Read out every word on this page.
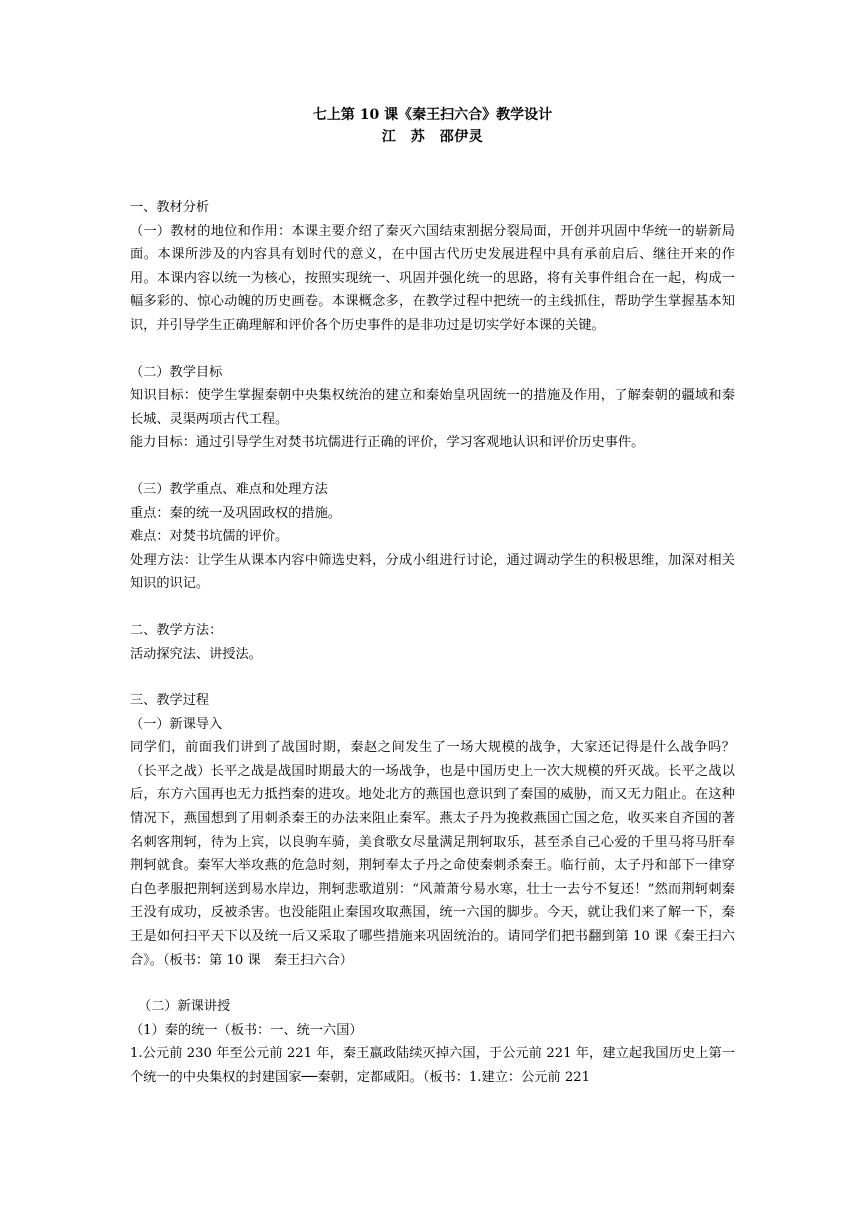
七上第 10 课《秦王扫六合》教学设计

江　苏　邵伊灵

一、教材分析

（一）教材的地位和作用：本课主要介绍了秦灭六国结束割据分裂局面，开创并巩固中华统一的崭新局面。本课所涉及的内容具有划时代的意义，在中国古代历史发展进程中具有承前启后、继往开来的作用。本课内容以统一为核心，按照实现统一、巩固并强化统一的思路，将有关事件组合在一起，构成一幅多彩的、惊心动魄的历史画卷。本课概念多，在教学过程中把统一的主线抓住，帮助学生掌握基本知识，并引导学生正确理解和评价各个历史事件的是非功过是切实学好本课的关键。

（二）教学目标

知识目标：使学生掌握秦朝中央集权统治的建立和秦始皇巩固统一的措施及作用，了解秦朝的疆域和秦长城、灵渠两项古代工程。

能力目标：通过引导学生对焚书坑儒进行正确的评价，学习客观地认识和评价历史事件。

（三）教学重点、难点和处理方法

重点：秦的统一及巩固政权的措施。

难点：对焚书坑儒的评价。

处理方法：让学生从课本内容中筛选史料，分成小组进行讨论，通过调动学生的积极思维，加深对相关知识的识记。

二、教学方法：

活动探究法、讲授法。

三、教学过程

（一）新课导入

同学们，前面我们讲到了战国时期，秦赵之间发生了一场大规模的战争，大家还记得是什么战争吗？（长平之战）长平之战是战国时期最大的一场战争，也是中国历史上一次大规模的歼灭战。长平之战以后，东方六国再也无力抵挡秦的进攻。地处北方的燕国也意识到了秦国的威胁，而又无力阻止。在这种情况下，燕国想到了用刺杀秦王的办法来阻止秦军。燕太子丹为挽救燕国亡国之危，收买来自齐国的著名刺客荆轲，待为上宾，以良驹车骑，美食歌女尽量满足荆轲取乐，甚至杀自己心爱的千里马将马肝奉荆轲就食。秦军大举攻燕的危急时刻，荆轲奉太子丹之命使秦刺杀秦王。临行前，太子丹和部下一律穿白色孝服把荆轲送到易水岸边，荆轲悲歌道别：“风萧萧兮易水寒，壮士一去兮不复还！”然而荆轲刺秦王没有成功，反被杀害。也没能阻止秦国攻取燕国，统一六国的脚步。今天，就让我们来了解一下，秦王是如何扫平天下以及统一后又采取了哪些措施来巩固统治的。请同学们把书翻到第 10 课《秦王扫六合》。（板书：第 10 课　秦王扫六合）

（二）新课讲授

（1）秦的统一（板书：一、统一六国）

1.公元前 230 年至公元前 221 年，秦王嬴政陆续灭掉六国，于公元前 221 年，建立起我国历史上第一个统一的中央集权的封建国家──秦朝，定都咸阳。（板书：1.建立：公元前 221
